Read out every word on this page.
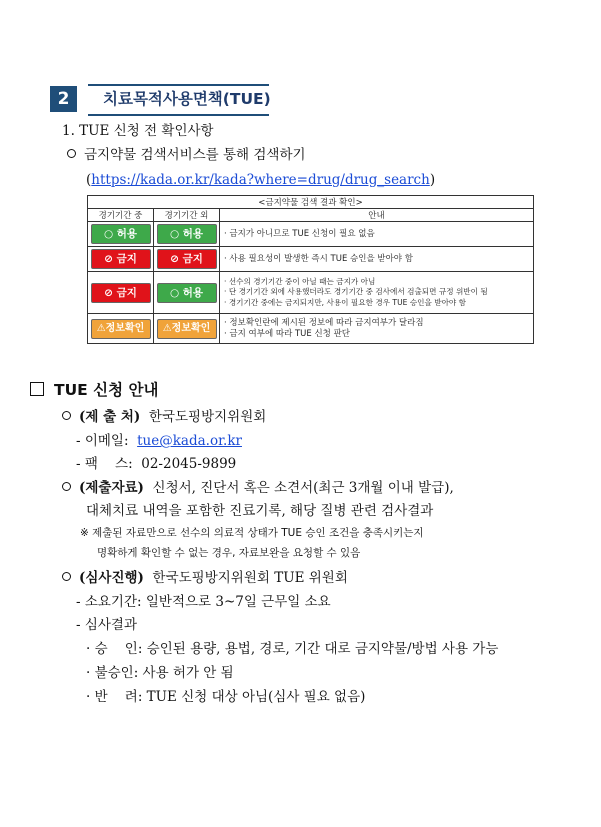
2	치료목적사용면책(TUE)
1. TUE 신청 전 확인사항
금지약물 검색서비스를 통해 검색하기
(https://kada.or.kr/kada?where=drug/drug_search)
<금지약물 검색 결과 확인>		
경기기간 중	경기기간 외	안내
○ 허용	○ 허용	· 금지가 아니므로 TUE 신청이 필요 없음

⊘ 금지	⊘ 금지	· 사용 필요성이 발생한 즉시 TUE 승인을 받아야 함

⊘ 금지	○ 허용	· 선수의 경기기간 중이 아닐 때는 금지가 아님
· 단 경기기간 외에 사용했더라도 경기기간 중 검사에서 검출되면 규정 위반이 됨
· 경기기간 중에는 금지되지만, 사용이 필요한 경우 TUE 승인을 받아야 함

⚠정보확인	⚠정보확인	· 정보확인란에 제시된 정보에 따라 금지여부가 달라짐
· 금지 여부에 따라 TUE 신청 판단
TUE 신청 안내
(제 출 처) 한국도핑방지위원회
- 이메일: tue@kada.or.kr
- 팩    스: 02-2045-9899
(제출자료) 신청서, 진단서 혹은 소견서(최근 3개월 이내 발급),
대체치료 내역을 포함한 진료기록, 해당 질병 관련 검사결과
※ 제출된 자료만으로 선수의 의료적 상태가 TUE 승인 조건을 충족시키는지
명확하게 확인할 수 없는 경우, 자료보완을 요청할 수 있음
(심사진행) 한국도핑방지위원회 TUE 위원회
- 소요기간: 일반적으로 3~7일 근무일 소요
- 심사결과
· 승    인: 승인된 용량, 용법, 경로, 기간 대로 금지약물/방법 사용 가능
· 불승인: 사용 허가 안 됨
· 반    려: TUE 신청 대상 아님(심사 필요 없음)
